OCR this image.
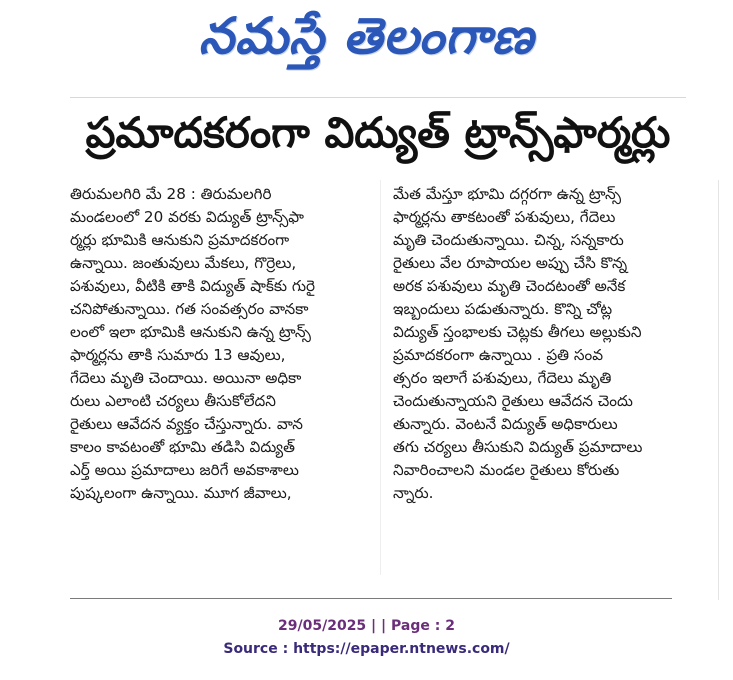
నమస్తే తెలంగాణ
ప్రమాదకరంగా విద్యుత్ ట్రాన్స్‌ఫార్మర్లు
తిరుమలగిరి మే 28 : తిరుమలగిరి
మండలంలో 20 వరకు విద్యుత్ ట్రాన్స్‌ఫా
ర్మర్లు భూమికి ఆనుకుని ప్రమాదకరంగా
ఉన్నాయి. జంతువులు మేకలు, గొర్రెలు,
పశువులు, వీటికి తాకి విద్యుత్ షాక్‌కు గురై
చనిపోతున్నాయి. గత సంవత్సరం వానకా
లంలో ఇలా భూమికి ఆనుకుని ఉన్న ట్రాన్స్
ఫార్మర్లను తాకి సుమారు 13 ఆవులు,
గేదెలు మృతి చెందాయి. అయినా అధికా
రులు ఎలాంటి చర్యలు తీసుకోలేదని
రైతులు ఆవేదన వ్యక్తం చేస్తున్నారు. వాన
కాలం కావటంతో భూమి తడిసి విద్యుత్
ఎర్త్ అయి ప్రమాదాలు జరిగే అవకాశాలు
పుష్కలంగా ఉన్నాయి. మూగ జీవాలు,
మేత మేస్తూ భూమి దగ్గరగా ఉన్న ట్రాన్స్
ఫార్మర్లను తాకటంతో పశువులు, గేదెలు
మృతి చెందుతున్నాయి. చిన్న, సన్నకారు
రైతులు వేల రూపాయల అప్పు చేసి కొన్న
అరక పశువులు మృతి చెందటంతో అనేక
ఇబ్బందులు పడుతున్నారు. కొన్ని చోట్ల
విద్యుత్ స్తంభాలకు చెట్లకు తీగలు అల్లుకుని
ప్రమాదకరంగా ఉన్నాయి . ప్రతి సంవ
త్సరం ఇలాగే పశువులు, గేదెలు మృతి
చెందుతున్నాయని రైతులు ఆవేదన చెందు
తున్నారు. వెంటనే విద్యుత్ అధికారులు
తగు చర్యలు తీసుకుని విద్యుత్ ప్రమాదాలు
నివారించాలని మండల రైతులు కోరుతు
న్నారు.
29/05/2025 | | Page : 2
Source : https://epaper.ntnews.com/
